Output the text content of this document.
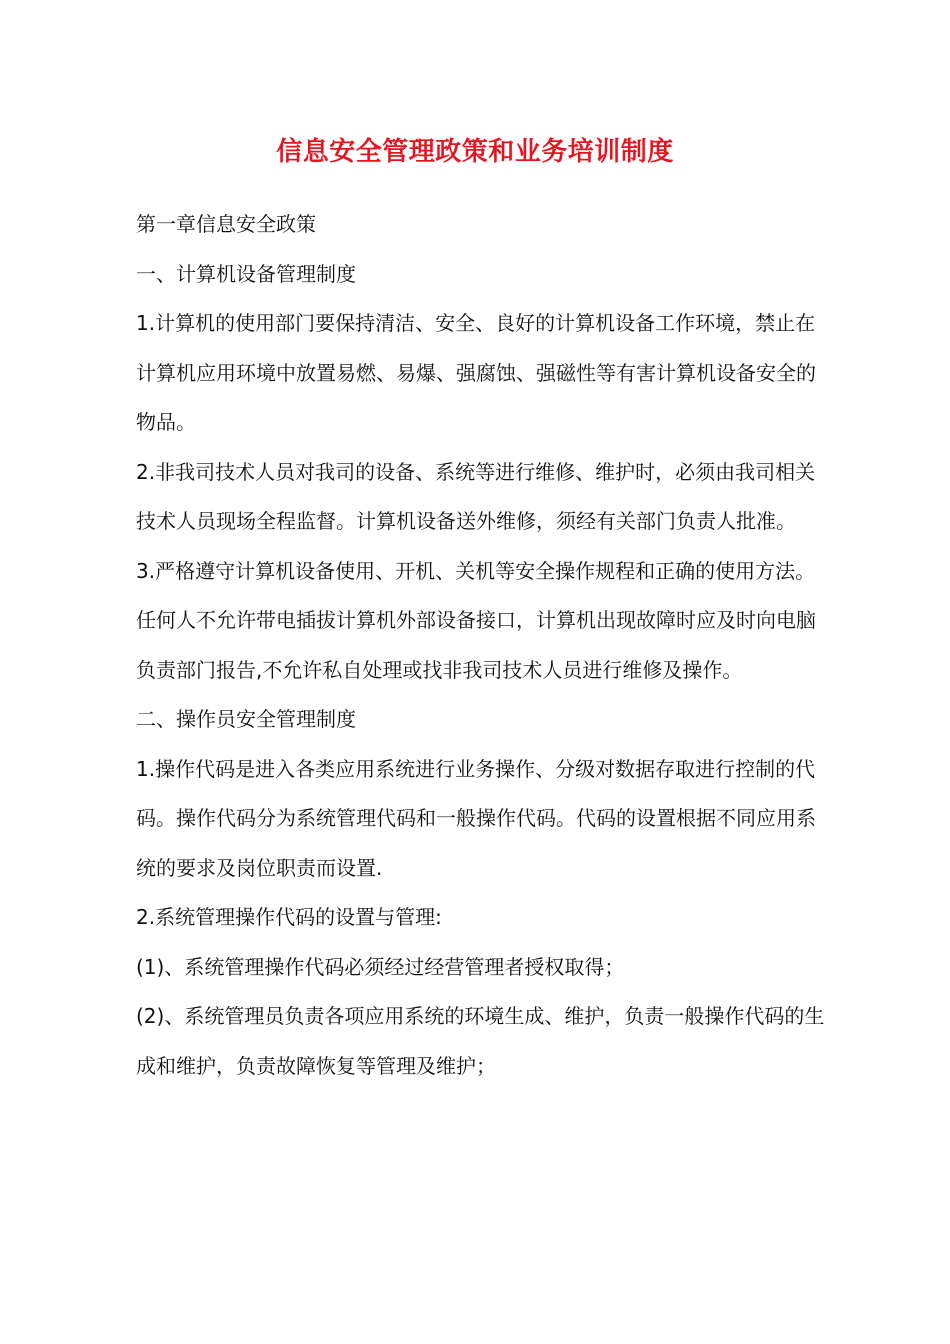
信息安全管理政策和业务培训制度

第一章信息安全政策

一、计算机设备管理制度

1.计算机的使用部门要保持清洁、安全、良好的计算机设备工作环境，禁止在计算机应用环境中放置易燃、易爆、强腐蚀、强磁性等有害计算机设备安全的物品。

2.非我司技术人员对我司的设备、系统等进行维修、维护时，必须由我司相关技术人员现场全程监督。计算机设备送外维修，须经有关部门负责人批准。

3.严格遵守计算机设备使用、开机、关机等安全操作规程和正确的使用方法。任何人不允许带电插拔计算机外部设备接口，计算机出现故障时应及时向电脑负责部门报告,不允许私自处理或找非我司技术人员进行维修及操作。

二、操作员安全管理制度

1.操作代码是进入各类应用系统进行业务操作、分级对数据存取进行控制的代码。操作代码分为系统管理代码和一般操作代码。代码的设置根据不同应用系统的要求及岗位职责而设置.

2.系统管理操作代码的设置与管理:

(1)、系统管理操作代码必须经过经营管理者授权取得；

(2)、系统管理员负责各项应用系统的环境生成、维护，负责一般操作代码的生成和维护，负责故障恢复等管理及维护；
